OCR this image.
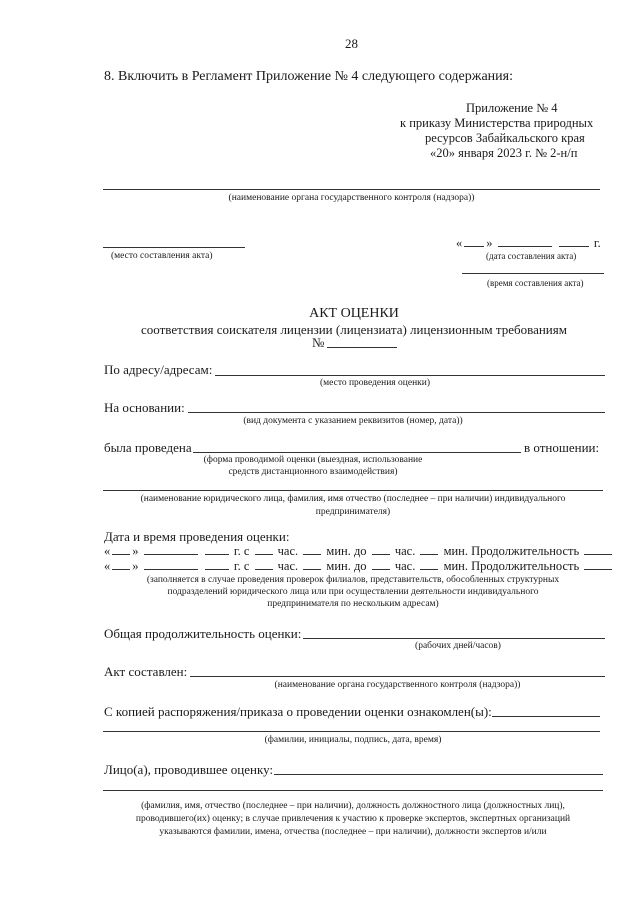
28
8. Включить в Регламент Приложение № 4 следующего содержания:
Приложение № 4
к приказу Министерства природных
ресурсов Забайкальского края
«20» января 2023 г. № 2-н/п
(наименование органа государственного контроля (надзора))
(место составления акта)
« »	г.
(дата составления акта)
(время составления акта)
АКТ ОЦЕНКИ
соответствия соискателя лицензии (лицензиата) лицензионным требованиям
№
По адресу/адресам:
(место проведения оценки)
На основании:
(вид документа с указанием реквизитов (номер, дата))
была проведена	в отношении:
(форма проводимой оценки (выездная, использование
средств дистанционного взаимодействия)
(наименование юридического лица, фамилия, имя отчество (последнее – при наличии) индивидуального
предпринимателя)
Дата и время проведения оценки:
« »	г. с час. мин. до час. мин. Продолжительность
« »	г. с час. мин. до час. мин. Продолжительность
(заполняется в случае проведения проверок филиалов, представительств, обособленных структурных
подразделений юридического лица или при осуществлении деятельности индивидуального
предпринимателя по нескольким адресам)
Общая продолжительность оценки:
(рабочих дней/часов)
Акт составлен:
(наименование органа государственного контроля (надзора))
С копией распоряжения/приказа о проведении оценки ознакомлен(ы):
(фамилии, инициалы, подпись, дата, время)
Лицо(а), проводившее оценку:
(фамилия, имя, отчество (последнее – при наличии), должность должностного лица (должностных лиц),
проводившего(их) оценку; в случае привлечения к участию к проверке экспертов, экспертных организаций
указываются фамилии, имена, отчества (последнее – при наличии), должности экспертов и/или
